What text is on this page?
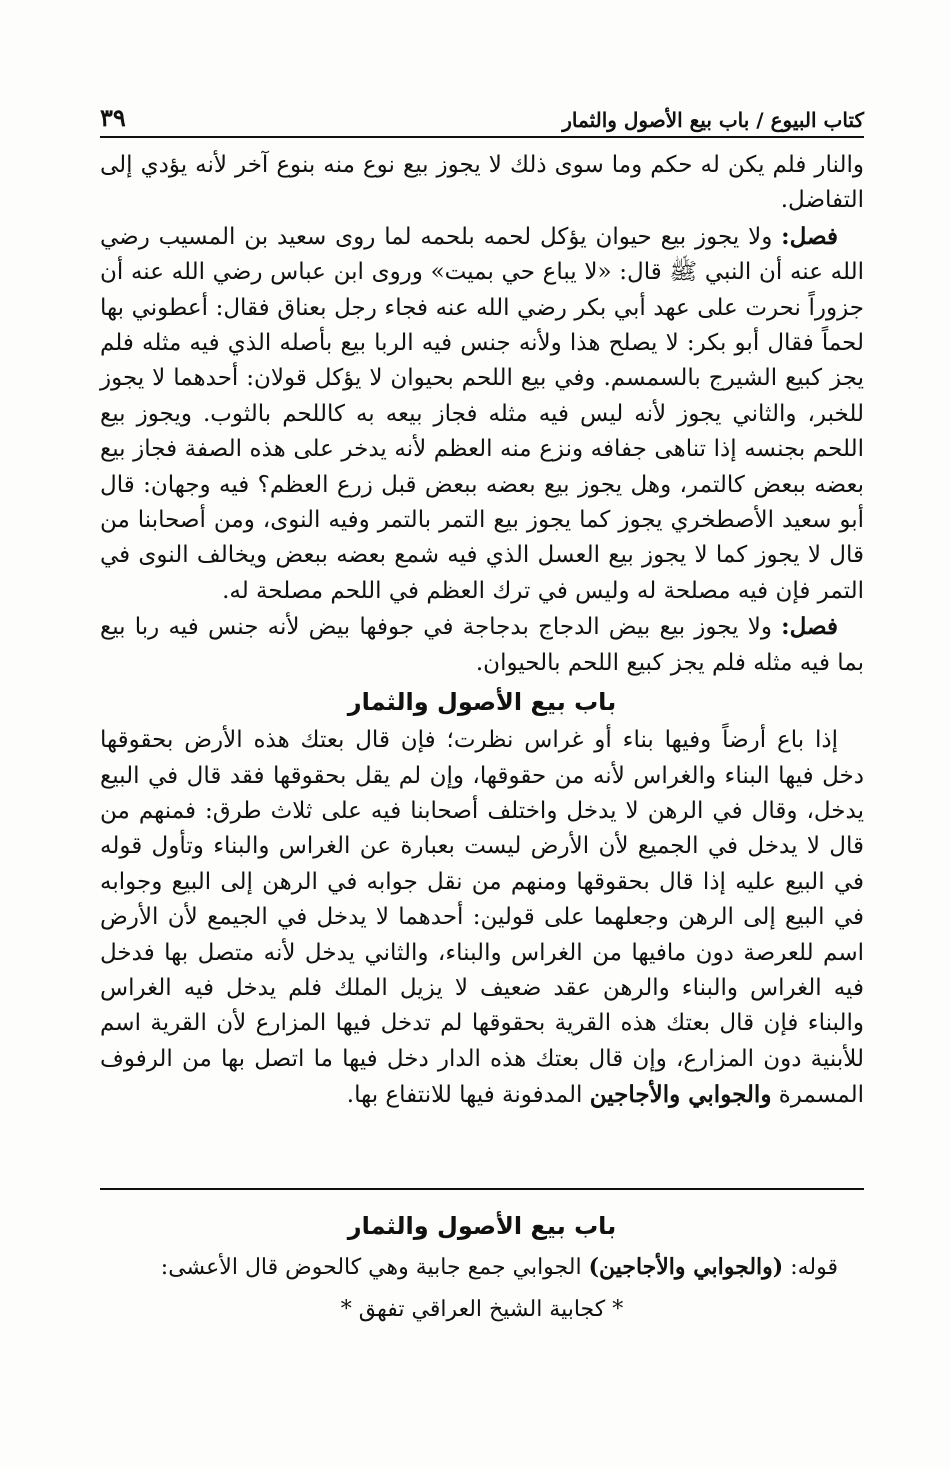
كتاب البيوع / باب بيع الأصول والثمار
٣٩

والنار فلم يكن له حكم وما سوى ذلك لا يجوز بيع نوع منه بنوع آخر لأنه يؤدي إلى التفاضل.

فصل: ولا يجوز بيع حيوان يؤكل لحمه بلحمه لما روى سعيد بن المسيب رضي الله عنه أن النبي ﷺ قال: «لا يباع حي بميت» وروى ابن عباس رضي الله عنه أن جزوراً نحرت على عهد أبي بكر رضي الله عنه فجاء رجل بعناق فقال: أعطوني بها لحماً فقال أبو بكر: لا يصلح هذا ولأنه جنس فيه الربا بيع بأصله الذي فيه مثله فلم يجز كبيع الشيرج بالسمسم. وفي بيع اللحم بحيوان لا يؤكل قولان: أحدهما لا يجوز للخبر، والثاني يجوز لأنه ليس فيه مثله فجاز بيعه به كاللحم بالثوب. ويجوز بيع اللحم بجنسه إذا تناهى جفافه ونزع منه العظم لأنه يدخر على هذه الصفة فجاز بيع بعضه ببعض كالتمر، وهل يجوز بيع بعضه ببعض قبل زرع العظم؟ فيه وجهان: قال أبو سعيد الأصطخري يجوز كما يجوز بيع التمر بالتمر وفيه النوى، ومن أصحابنا من قال لا يجوز كما لا يجوز بيع العسل الذي فيه شمع بعضه ببعض ويخالف النوى في التمر فإن فيه مصلحة له وليس في ترك العظم في اللحم مصلحة له.

فصل: ولا يجوز بيع بيض الدجاج بدجاجة في جوفها بيض لأنه جنس فيه ربا بيع بما فيه مثله فلم يجز كبيع اللحم بالحيوان.

باب بيع الأصول والثمار

إذا باع أرضاً وفيها بناء أو غراس نظرت؛ فإن قال بعتك هذه الأرض بحقوقها دخل فيها البناء والغراس لأنه من حقوقها، وإن لم يقل بحقوقها فقد قال في البيع يدخل، وقال في الرهن لا يدخل واختلف أصحابنا فيه على ثلاث طرق: فمنهم من قال لا يدخل في الجميع لأن الأرض ليست بعبارة عن الغراس والبناء وتأول قوله في البيع عليه إذا قال بحقوقها ومنهم من نقل جوابه في الرهن إلى البيع وجوابه في البيع إلى الرهن وجعلهما على قولين: أحدهما لا يدخل في الجيمع لأن الأرض اسم للعرصة دون مافيها من الغراس والبناء، والثاني يدخل لأنه متصل بها فدخل فيه الغراس والبناء والرهن عقد ضعيف لا يزيل الملك فلم يدخل فيه الغراس والبناء فإن قال بعتك هذه القرية بحقوقها لم تدخل فيها المزارع لأن القرية اسم للأبنية دون المزارع، وإن قال بعتك هذه الدار دخل فيها ما اتصل بها من الرفوف المسمرة والجوابي والأجاجين المدفونة فيها للانتفاع بها.

باب بيع الأصول والثمار

قوله: (والجوابي والأجاجين) الجوابي جمع جابية وهي كالحوض قال الأعشى:

* كجابية الشيخ العراقي تفهق *
